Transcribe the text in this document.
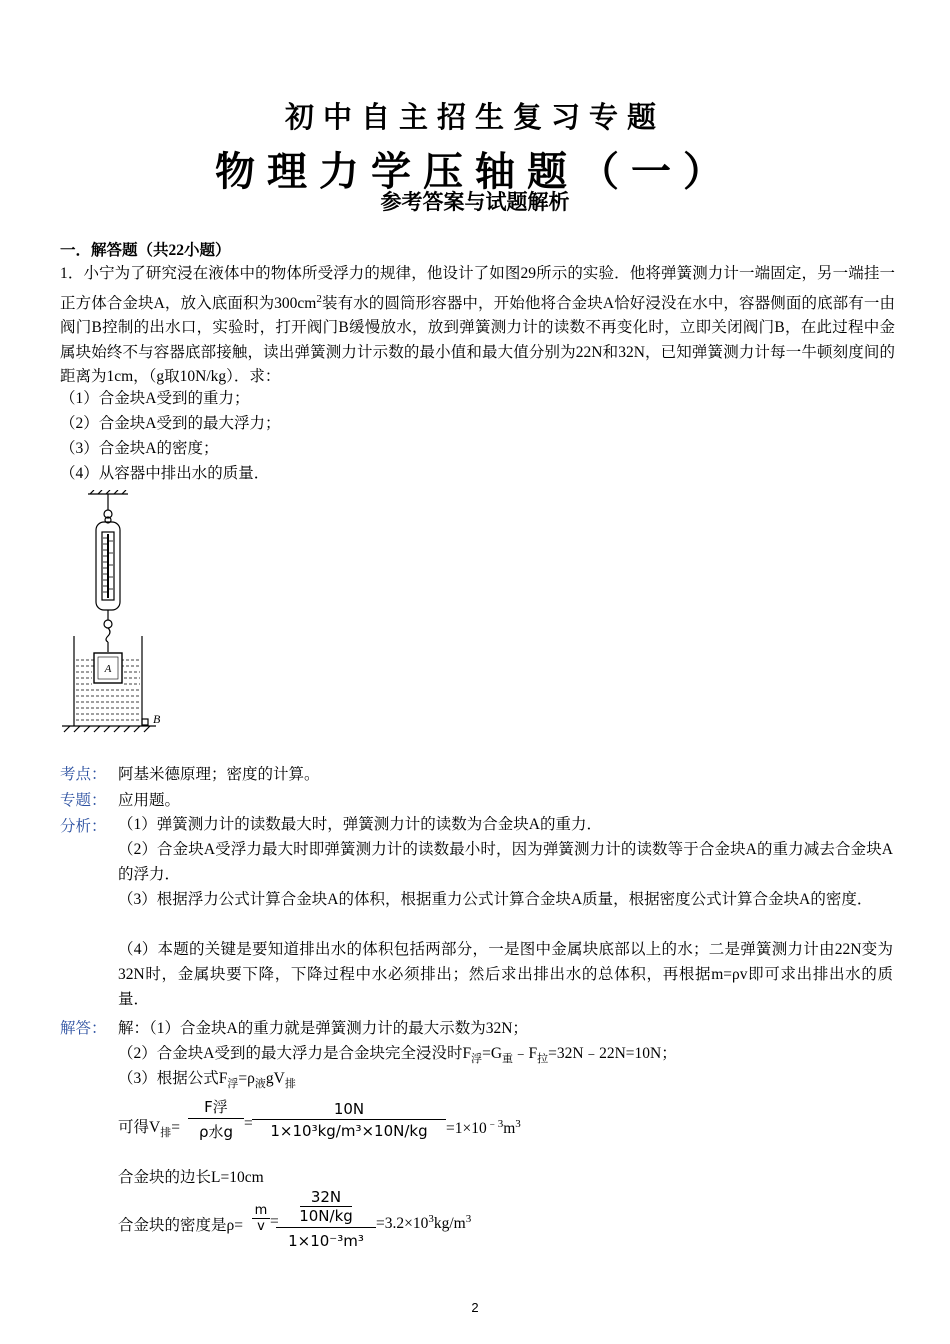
初中自主招生复习专题
物理力学压轴题（一）
参考答案与试题解析
一．解答题（共22小题）
1．小宁为了研究浸在液体中的物体所受浮力的规律，他设计了如图29所示的实验．他将弹簧测力计一端固定，另一端挂一正方体合金块A，放入底面积为$300cm^2$装有水的圆筒形容器中，开始他将合金块A恰好浸没在水中，容器侧面的底部有一由阀门B控制的出水口，实验时，打开阀门B缓慢放水，放到弹簧测力计的读数不再变化时，立即关闭阀门B，在此过程中金属块始终不与容器底部接触，读出弹簧测力计示数的最小值和最大值分别为22N和32N，已知弹簧测力计每一牛顿刻度间的距离为1cm，（g取10N/kg）．求：
（1）合金块A受到的重力；
（2）合金块A受到的最大浮力；
（3）合金块A的密度；
（4）从容器中排出水的质量．
A
B
考点： 阿基米德原理；密度的计算。
专题： 应用题。
分析： （1）弹簧测力计的读数最大时，弹簧测力计的读数为合金块A的重力．
（2）合金块A受浮力最大时即弹簧测力计的读数最小时，因为弹簧测力计的读数等于合金块A的重力减去合金块A的浮力．
（3）根据浮力公式计算合金块A的体积，根据重力公式计算合金块A质量，根据密度公式计算合金块A的密度．
（4）本题的关键是要知道排出水的体积包括两部分，一是图中金属块底部以上的水；二是弹簧测力计由22N变为32N时，金属块要下降，下降过程中水必须排出；然后求出排出水的总体积，再根据m=ρv即可求出排出水的质量．
解答： 解：（1）合金块A的重力就是弹簧测力计的最大示数为32N；
（2）合金块A受到的最大浮力是合金块完全浸没时$F_浮=G_重﹣F_拉=32N﹣22N=10N$；
（3）根据公式$F_浮=\rho_液gV_排$
可得$V_排=$
F浮
ρ水$g = \frac{10N}{\text{1×10³kg/m³×10N/kg}} =1\times 10^{﹣3}m^3$
合金块的边长L=10cm
合金块的密度是$\rho= \frac{m}{v}$ =
32N
10N/kg
1×10⁻³m³
$=3.2\times 10^3kg/m^3$
2
